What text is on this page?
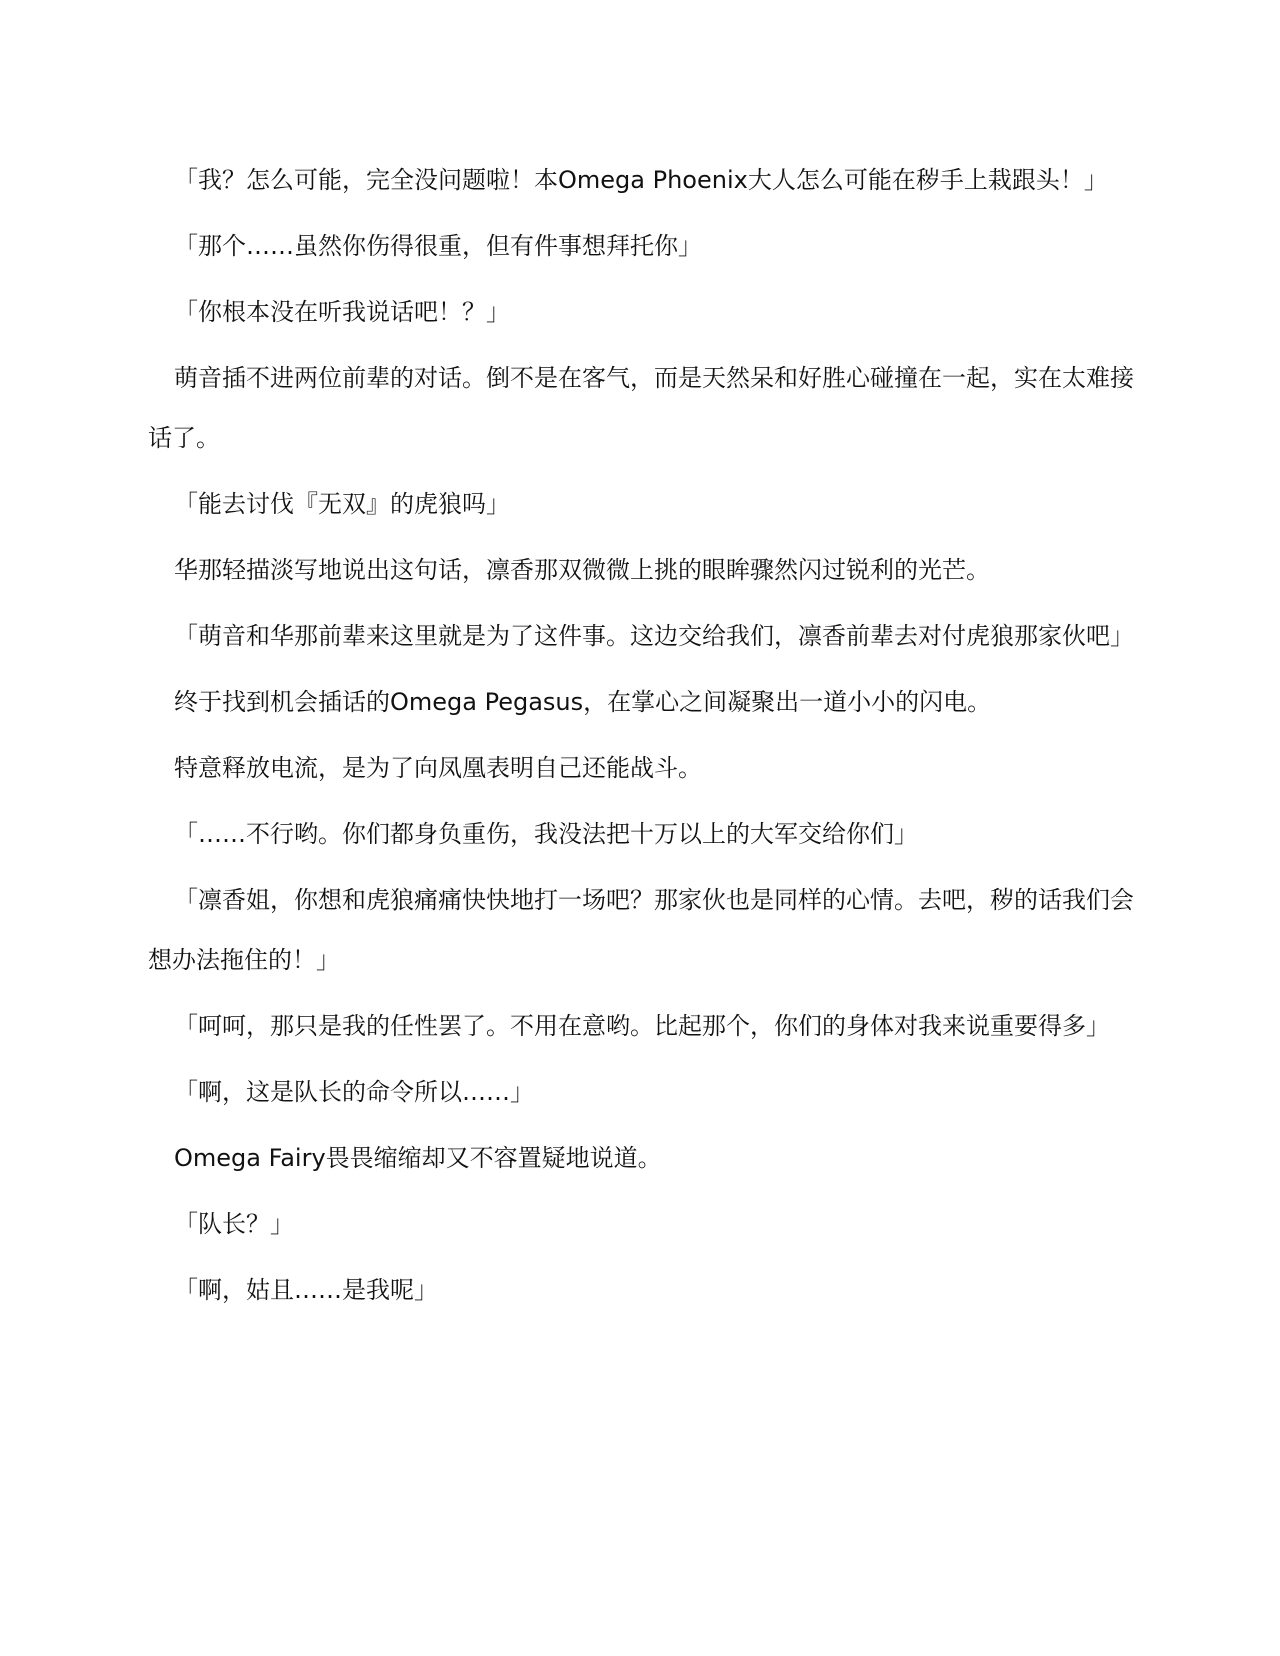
「我？怎么可能，完全没问题啦！本Omega Phoenix大人怎么可能在秽手上栽跟头！」

「那个……虽然你伤得很重，但有件事想拜托你」

「你根本没在听我说话吧！？」

萌音插不进两位前辈的对话。倒不是在客气，而是天然呆和好胜心碰撞在一起，实在太难接话了。

「能去讨伐『无双』的虎狼吗」

华那轻描淡写地说出这句话，凛香那双微微上挑的眼眸骤然闪过锐利的光芒。

「萌音和华那前辈来这里就是为了这件事。这边交给我们，凛香前辈去对付虎狼那家伙吧」

终于找到机会插话的Omega Pegasus，在掌心之间凝聚出一道小小的闪电。

特意释放电流，是为了向凤凰表明自己还能战斗。

「……不行哟。你们都身负重伤，我没法把十万以上的大军交给你们」

「凛香姐，你想和虎狼痛痛快快地打一场吧？那家伙也是同样的心情。去吧，秽的话我们会想办法拖住的！」

「呵呵，那只是我的任性罢了。不用在意哟。比起那个，你们的身体对我来说重要得多」

「啊，这是队长的命令所以……」

Omega Fairy畏畏缩缩却又不容置疑地说道。

「队长？」

「啊，姑且……是我呢」
